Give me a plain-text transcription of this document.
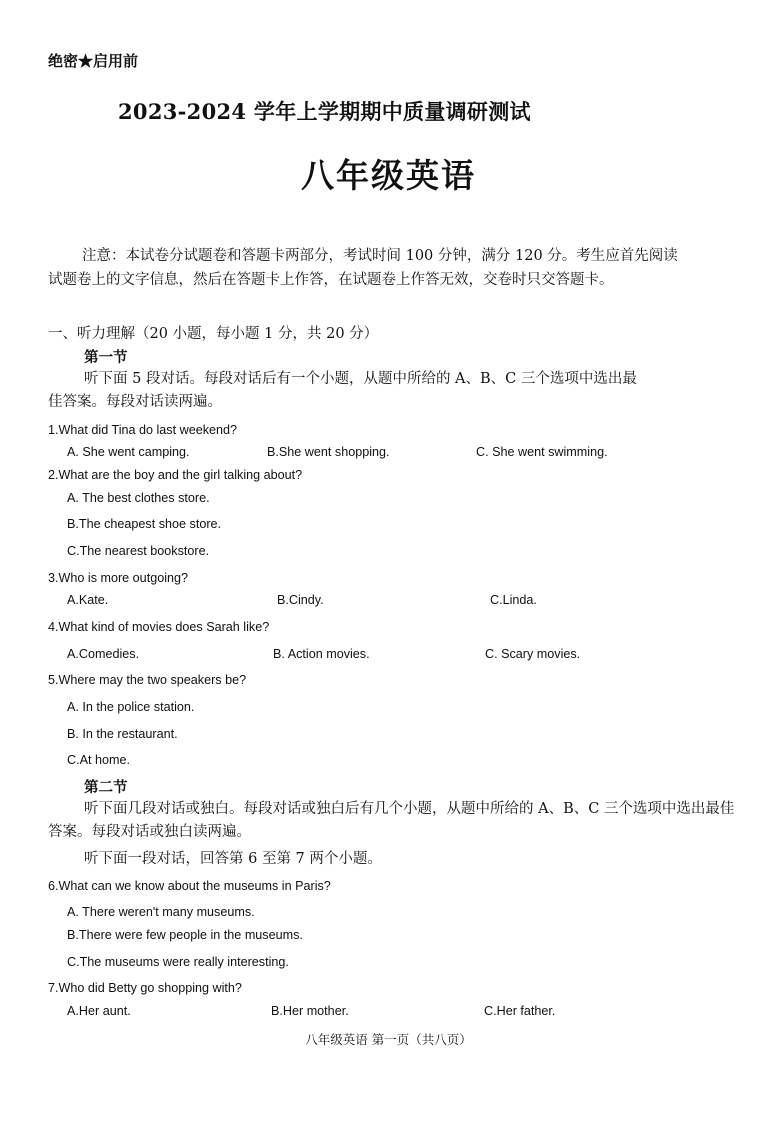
绝密★启用前
2023-2024 学年上学期期中质量调研测试
八年级英语
注意：本试卷分试题卷和答题卡两部分，考试时间 100 分钟，满分 120 分。考生应首先阅读
试题卷上的文字信息，然后在答题卡上作答，在试题卷上作答无效，交卷时只交答题卡。
一、听力理解（20 小题，每小题 1 分，共 20 分）
第一节
听下面 5 段对话。每段对话后有一个小题，从题中所给的 A、B、C 三个选项中选出最
佳答案。每段对话读两遍。
1.What did Tina do last weekend?
A. She went camping.	B.She went shopping.	C. She went swimming.
2.What are the boy and the girl talking about?
A. The best clothes store.
B.The cheapest shoe store.
C.The nearest bookstore.
3.Who is more outgoing?
A.Kate.	B.Cindy.	C.Linda.
4.What kind of movies does Sarah like?
A.Comedies.	B. Action movies.	C. Scary movies.
5.Where may the two speakers be?
A. In the police station.
B. In the restaurant.
C.At home.
第二节
听下面几段对话或独白。每段对话或独白后有几个小题，从题中所给的 A、B、C 三个选项中选出最佳
答案。每段对话或独白读两遍。
听下面一段对话，回答第 6 至第 7 两个小题。
6.What can we know about the museums in Paris?
A. There weren't many museums.
B.There were few people in the museums.
C.The museums were really interesting.
7.Who did Betty go shopping with?
A.Her aunt.	B.Her mother.	C.Her father.
八年级英语 第一页（共八页）
